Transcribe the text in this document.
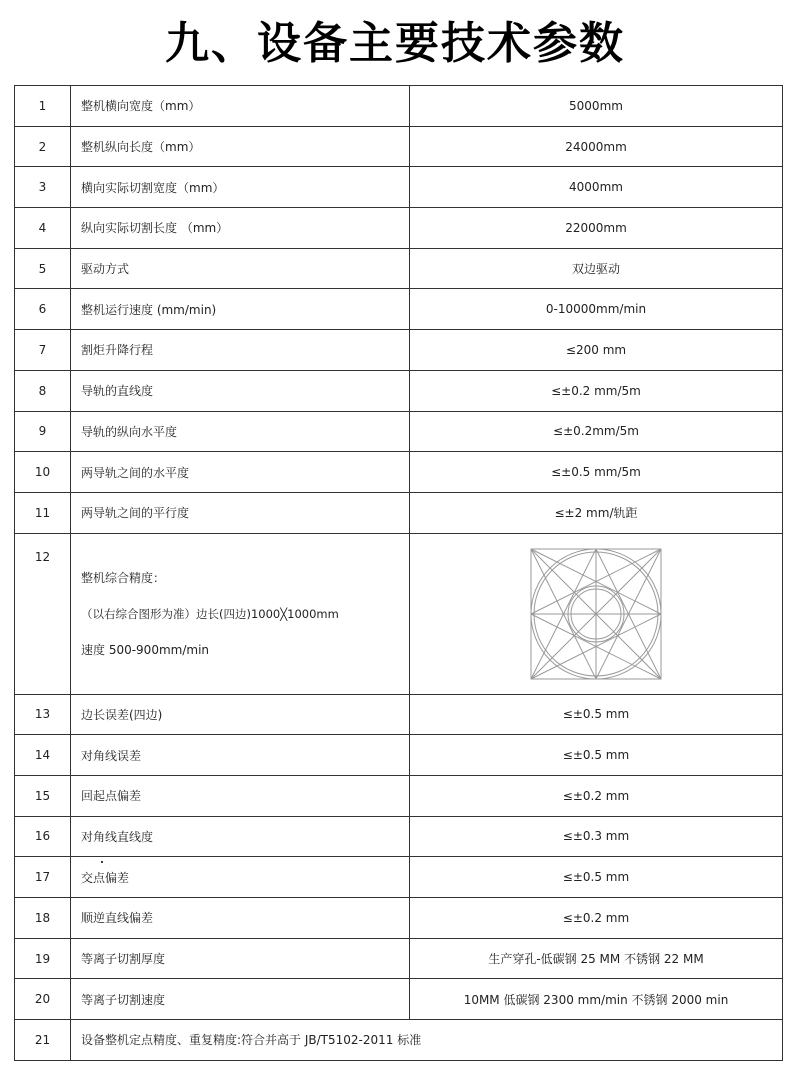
九、设备主要技术参数
1	整机横向宽度（mm）	5000mm
2	整机纵向长度（mm）	24000mm
3	横向实际切割宽度（mm）	4000mm
4	纵向实际切割长度 （mm）	22000mm
5	驱动方式	双边驱动
6	整机运行速度 (mm/min)	0-10000mm/min
7	割炬升降行程	≤200 mm
8	导轨的直线度	≤±0.2 mm/5m
9	导轨的纵向水平度	≤±0.2mm/5m
10	两导轨之间的水平度	≤±0.5 mm/5m
11	两导轨之间的平行度	≤±2 mm/轨距
12	整机综合精度：
（以右综合图形为准）边长(四边)1000╳1000mm
速度 500-900mm/min

13	边长误差(四边)	≤±0.5 mm
14	对角线误差	≤±0.5 mm
15	回起点偏差	≤±0.2 mm
16	对角线直线度	≤±0.3 mm
17	交点偏差	≤±0.5 mm
18	顺逆直线偏差	≤±0.2 mm
19	等离子切割厚度	生产穿孔-低碳钢 25 MM 不锈钢 22 MM
20	等离子切割速度	10MM 低碳钢 2300 mm/min 不锈钢 2000 min
21	设备整机定点精度、重复精度:符合并高于 JB/T5102-2011 标准	
